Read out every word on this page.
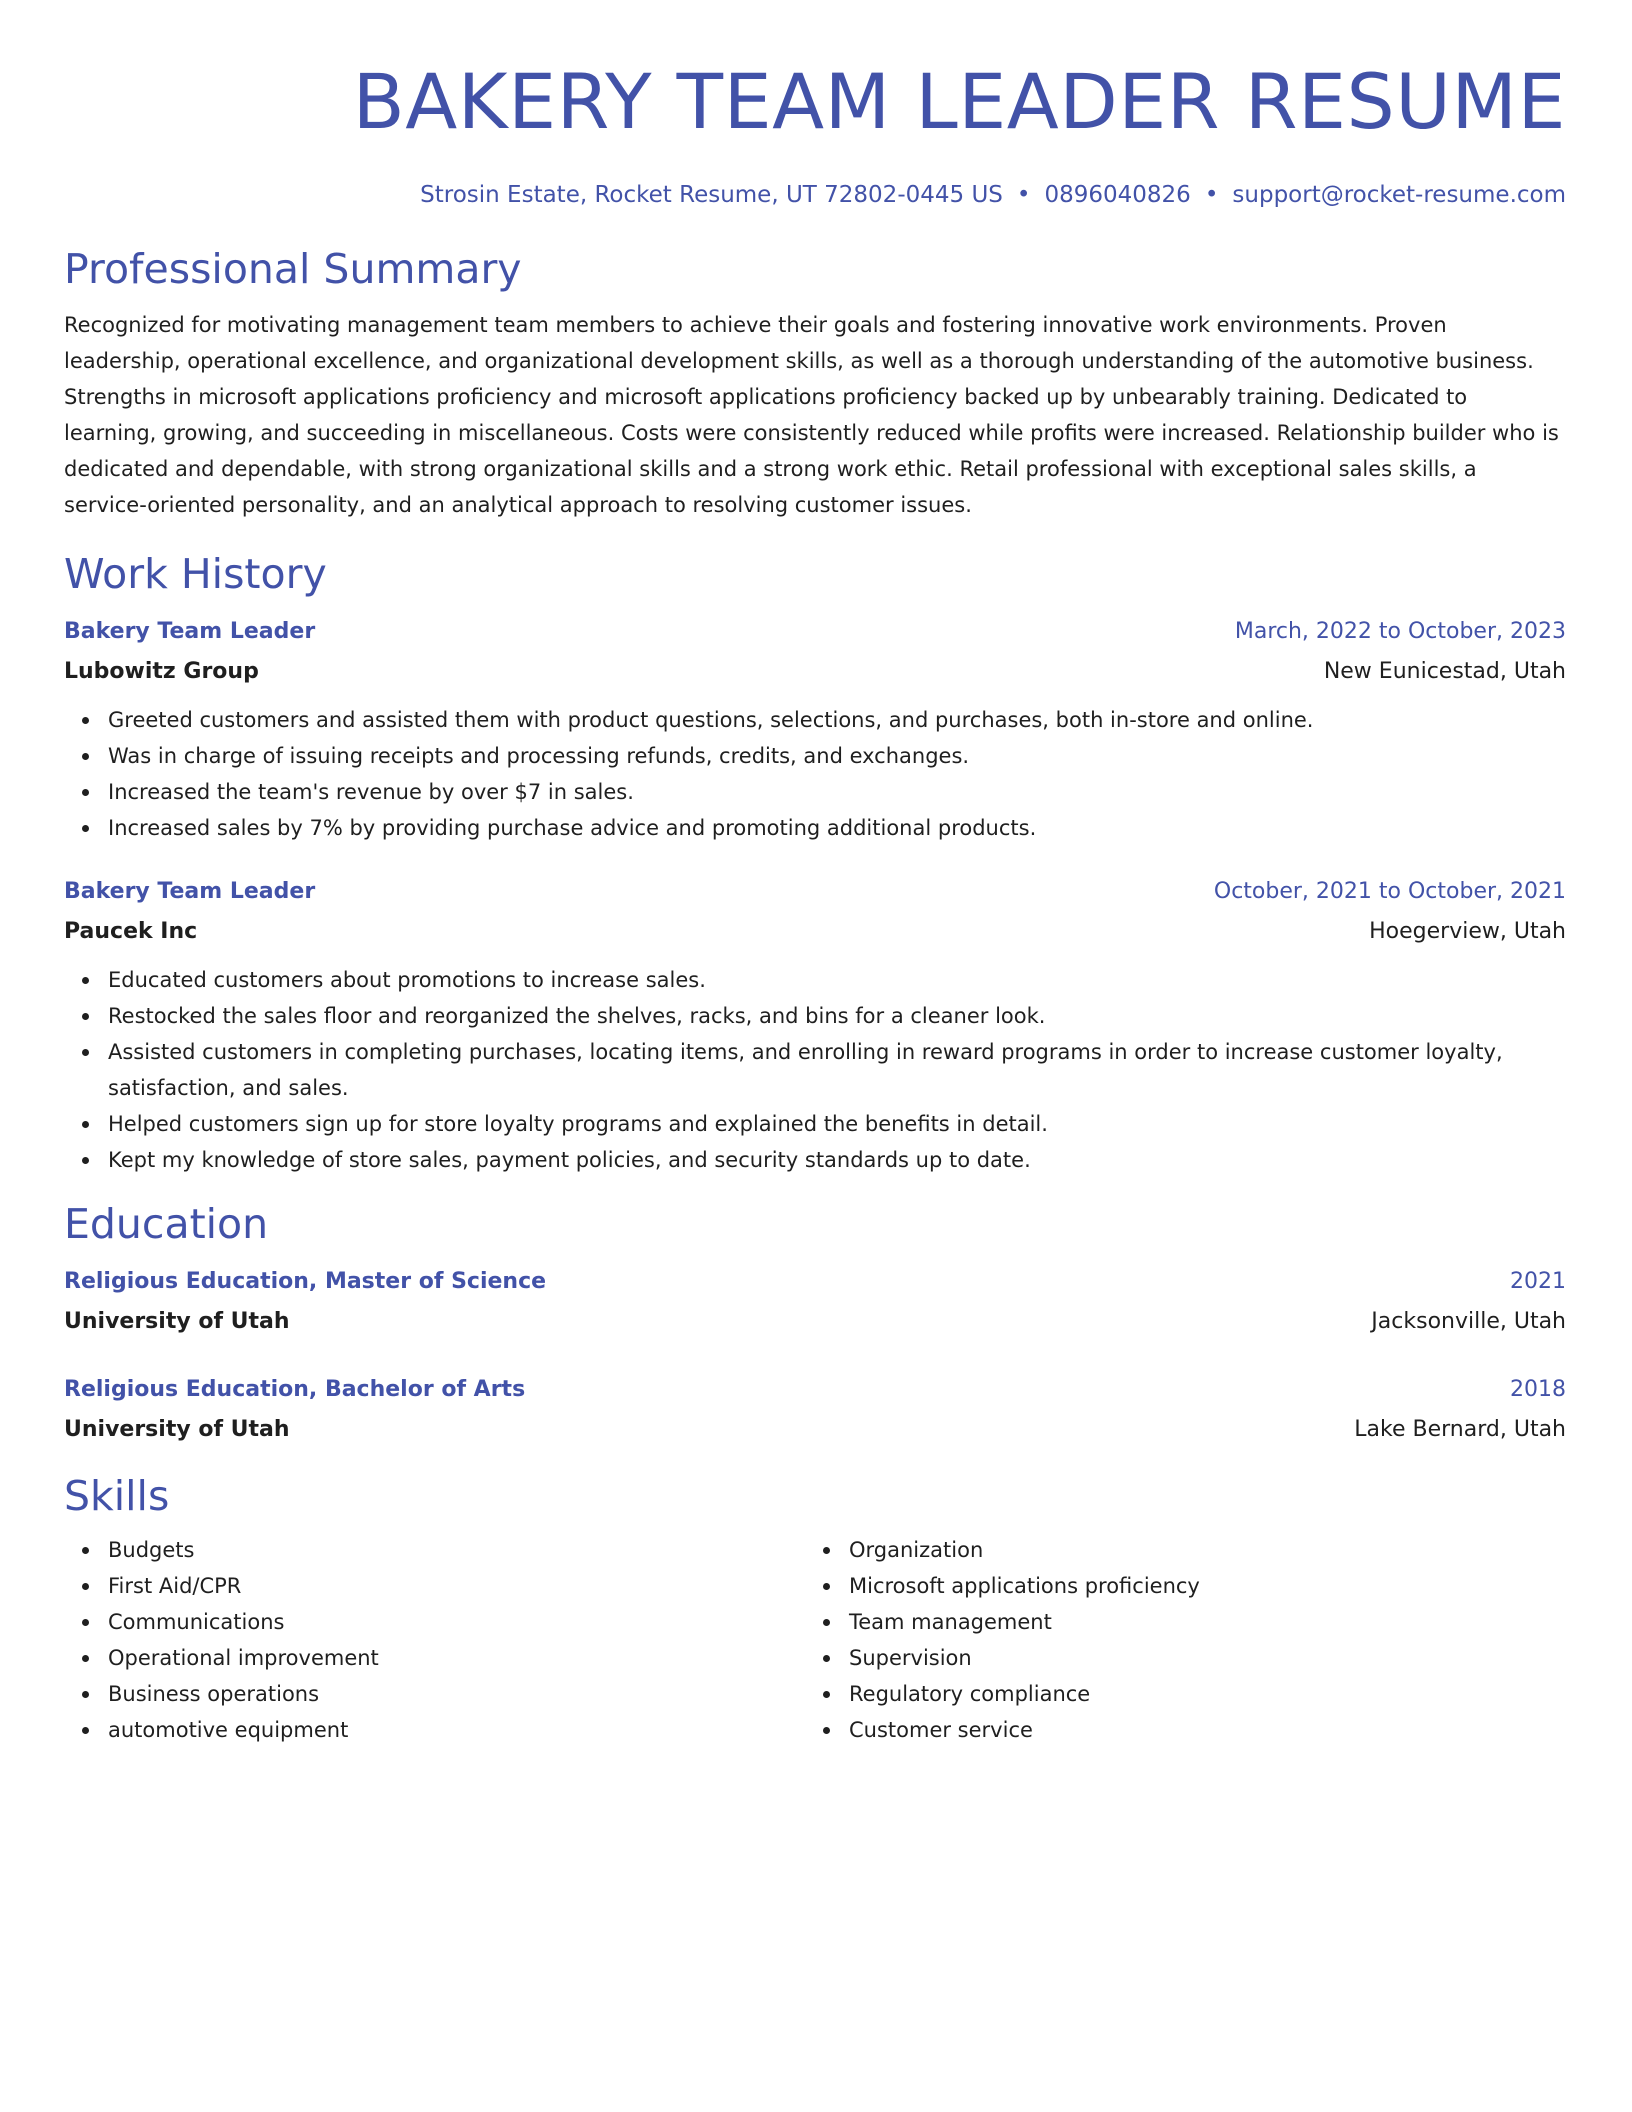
BAKERY TEAM LEADER RESUME
Strosin Estate, Rocket Resume, UT 72802-0445 US • 0896040826 • support@rocket-resume.com
Professional Summary

Recognized for motivating management team members to achieve their goals and fostering innovative work environments. Proven leadership, operational excellence, and organizational development skills, as well as a thorough understanding of the automotive business. Strengths in microsoft applications proficiency and microsoft applications proficiency backed up by unbearably training. Dedicated to learning, growing, and succeeding in miscellaneous. Costs were consistently reduced while profits were increased. Relationship builder who is dedicated and dependable, with strong organizational skills and a strong work ethic. Retail professional with exceptional sales skills, a service-oriented personality, and an analytical approach to resolving customer issues.

Work History
Bakery Team Leader	March, 2022 to October, 2023
Lubowitz Group	New Eunicestad, Utah
Greeted customers and assisted them with product questions, selections, and purchases, both in-store and online.
Was in charge of issuing receipts and processing refunds, credits, and exchanges.
Increased the team's revenue by over $7 in sales.
Increased sales by 7% by providing purchase advice and promoting additional products.
Bakery Team Leader	October, 2021 to October, 2021
Paucek Inc	Hoegerview, Utah
Educated customers about promotions to increase sales.
Restocked the sales floor and reorganized the shelves, racks, and bins for a cleaner look.
Assisted customers in completing purchases, locating items, and enrolling in reward programs in order to increase customer loyalty, satisfaction, and sales.
Helped customers sign up for store loyalty programs and explained the benefits in detail.
Kept my knowledge of store sales, payment policies, and security standards up to date.
Education
Religious Education, Master of Science	2021
University of Utah	Jacksonville, Utah
Religious Education, Bachelor of Arts	2018
University of Utah	Lake Bernard, Utah
Skills
Budgets
First Aid/CPR
Communications
Operational improvement
Business operations
automotive equipment
Organization
Microsoft applications proficiency
Team management
Supervision
Regulatory compliance
Customer service
